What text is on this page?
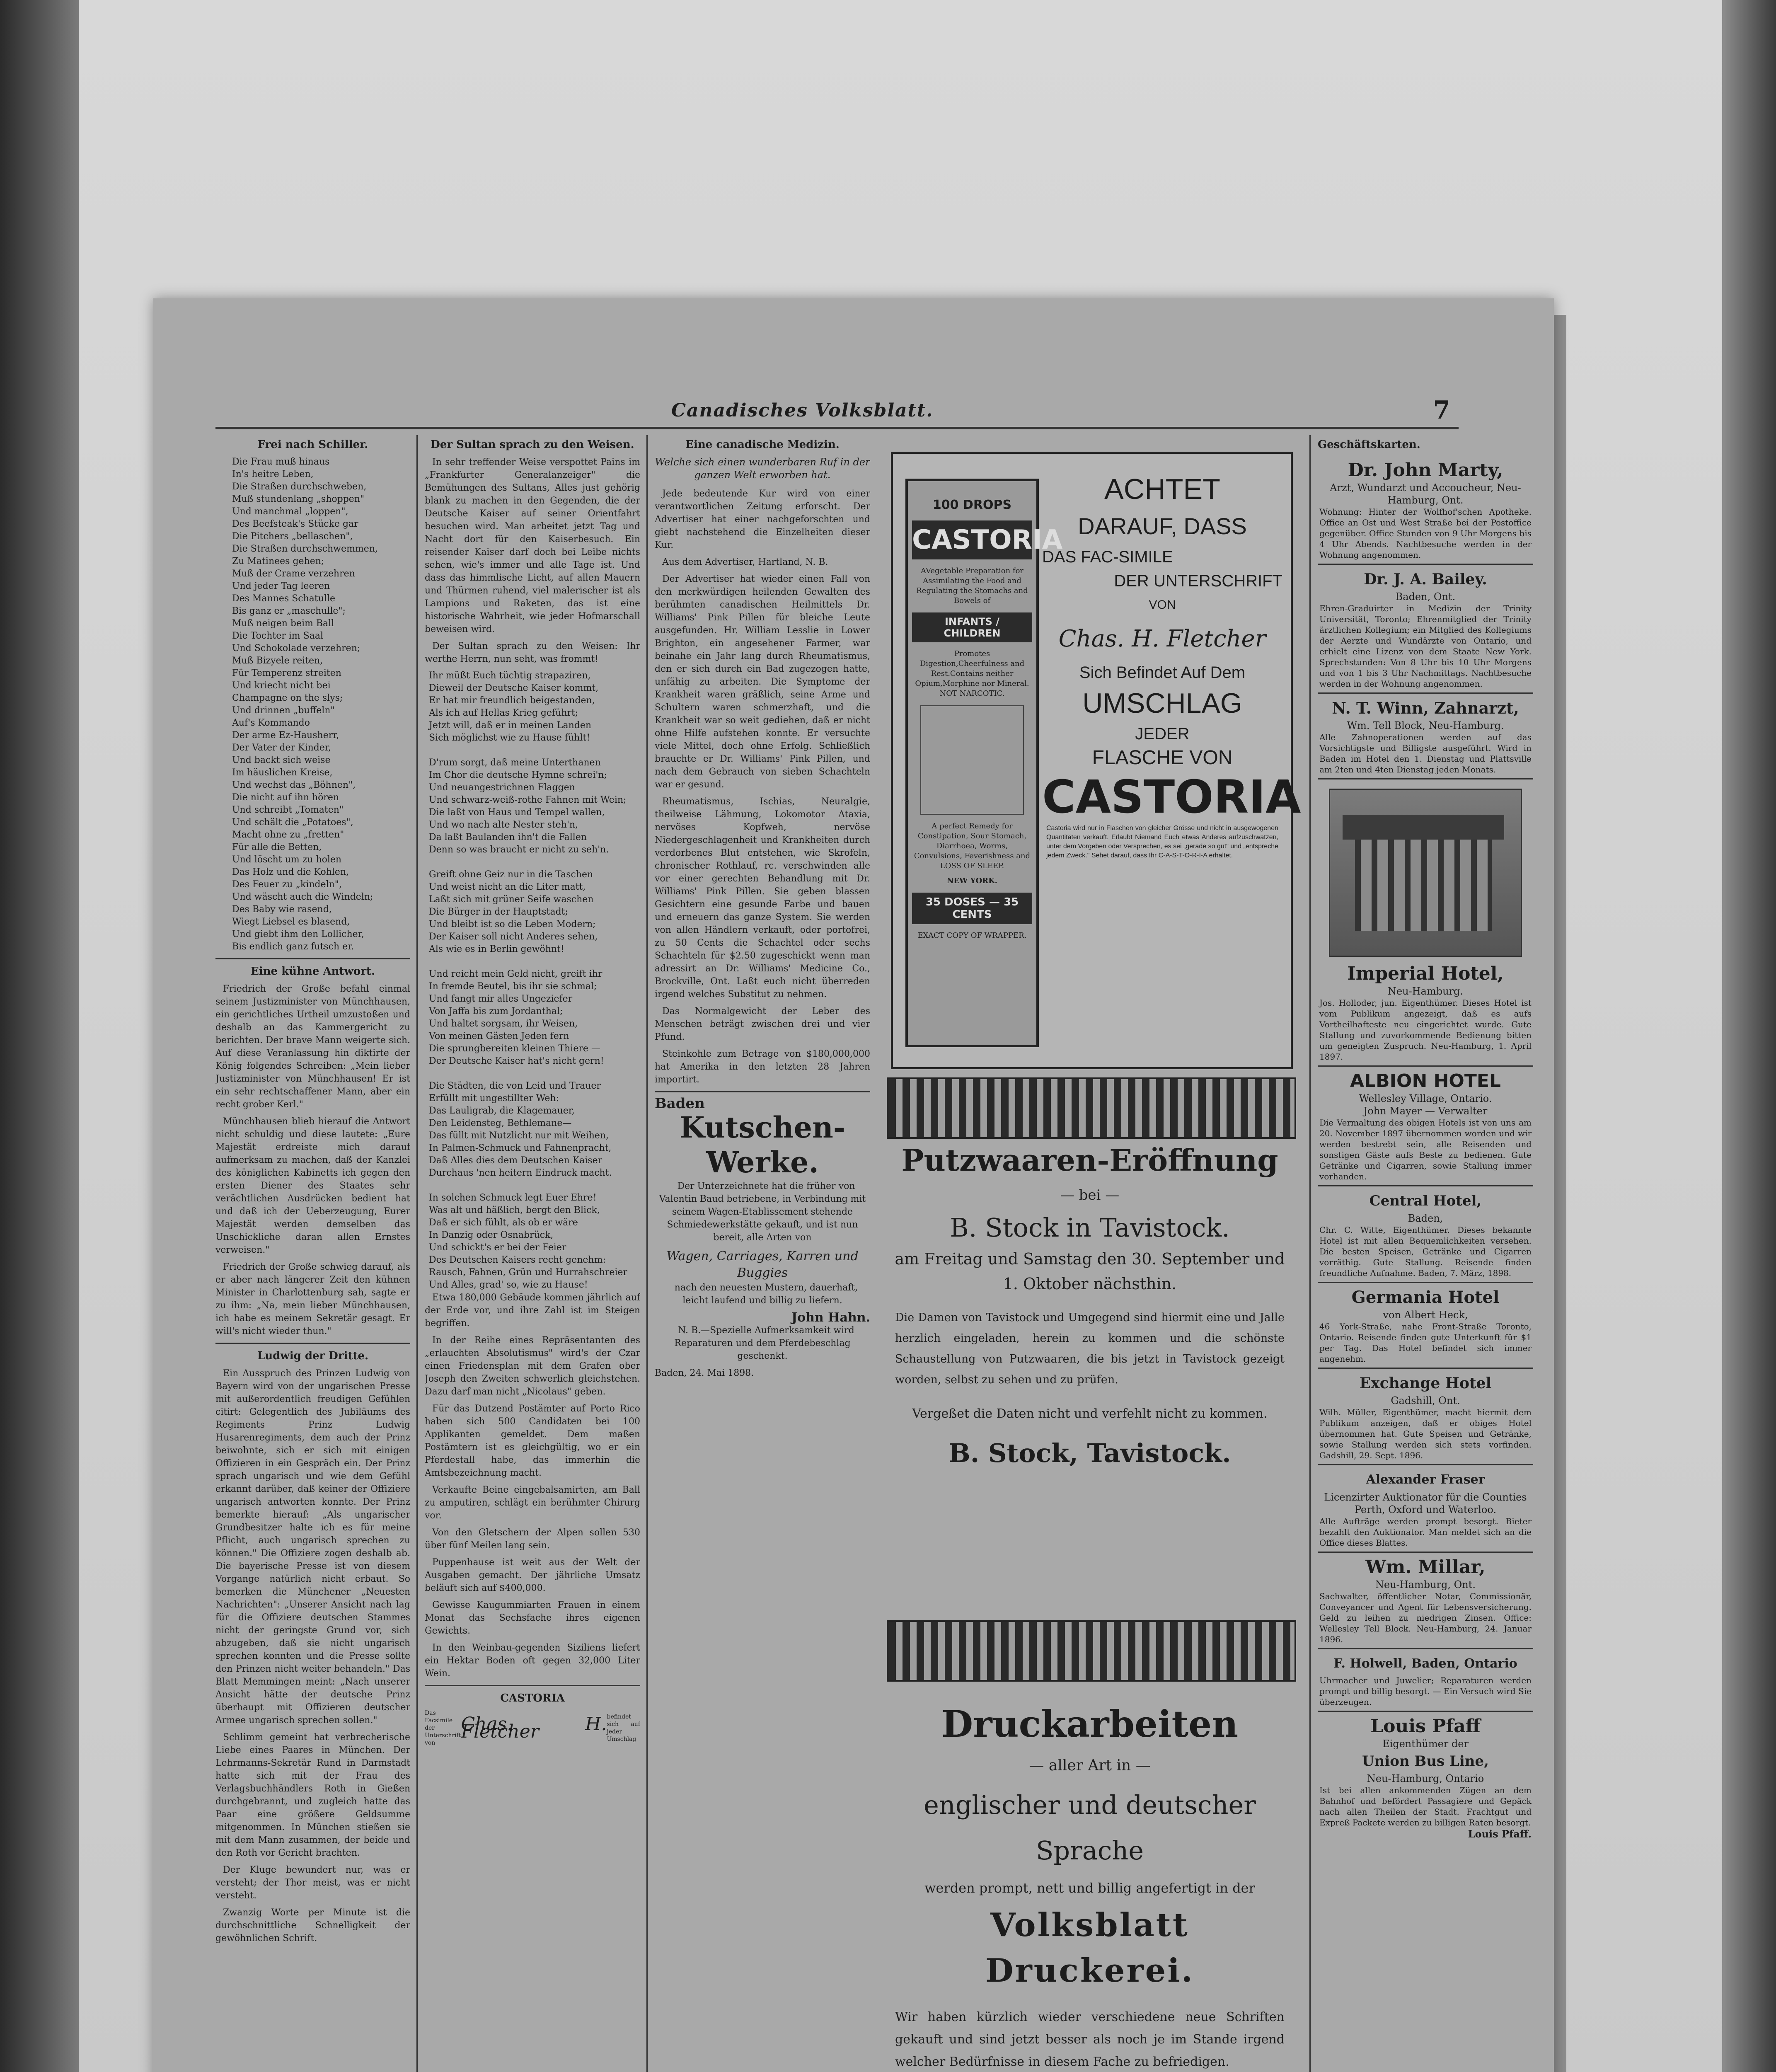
Canadisches Volksblatt.	7
Frei nach Schiller.
Die Frau muß hinaus
In's heitre Leben,
Die Straßen durchschweben,
Muß stundenlang „shoppen"
Und manchmal „loppen",
Des Beefsteak's Stücke gar
Die Pitchers „bellaschen",
Die Straßen durchschwemmen,
Zu Matinees gehen;
Muß der Crame verzehren
Und jeder Tag leeren
Des Mannes Schatulle
Bis ganz er „maschulle";
Muß neigen beim Ball
Die Tochter im Saal
Und Schokolade verzehren;
Muß Bizyele reiten,
Für Temperenz streiten
Und kriecht nicht bei
Champagne on the slys;
Und drinnen „buffeln"
Auf's Kommando
Der arme Ez-Hausherr,
Der Vater der Kinder,
Und backt sich weise
Im häuslichen Kreise,
Und wechst das „Böhnen",
Die nicht auf ihn hören
Und schreibt „Tomaten"
Und schält die „Potatoes",
Macht ohne zu „fretten"
Für alle die Betten,
Und löscht um zu holen
Das Holz und die Kohlen,
Des Feuer zu „kindeln",
Und wäscht auch die Windeln;
Des Baby wie rasend,
Wiegt Liebsel es blasend,
Und giebt ihm den Lollicher,
Bis endlich ganz futsch er.
Eine kühne Antwort.

Friedrich der Große befahl einmal seinem Justizminister von Münchhausen, ein gerichtliches Urtheil umzustoßen und deshalb an das Kammergericht zu berichten. Der brave Mann weigerte sich. Auf diese Veranlassung hin diktirte der König folgendes Schreiben: „Mein lieber Justizminister von Münchhausen! Er ist ein sehr rechtschaffener Mann, aber ein recht grober Kerl."

Münchhausen blieb hierauf die Antwort nicht schuldig und diese lautete: „Eure Majestät erdreiste mich darauf aufmerksam zu machen, daß der Kanzlei des königlichen Kabinetts ich gegen den ersten Diener des Staates sehr verächtlichen Ausdrücken bedient hat und daß ich der Ueberzeugung, Eurer Majestät werden demselben das Unschickliche daran allen Ernstes verweisen."

Friedrich der Große schwieg darauf, als er aber nach längerer Zeit den kühnen Minister in Charlottenburg sah, sagte er zu ihm: „Na, mein lieber Münchhausen, ich habe es meinem Sekretär gesagt. Er will's nicht wieder thun."

Ludwig der Dritte.

Ein Ausspruch des Prinzen Ludwig von Bayern wird von der ungarischen Presse mit außerordentlich freudigen Gefühlen citirt: Gelegentlich des Jubiläums des Regiments Prinz Ludwig Husarenregiments, dem auch der Prinz beiwohnte, sich er sich mit einigen Offizieren in ein Gespräch ein. Der Prinz sprach ungarisch und wie dem Gefühl erkannt darüber, daß keiner der Offiziere ungarisch antworten konnte. Der Prinz bemerkte hierauf: „Als ungarischer Grundbesitzer halte ich es für meine Pflicht, auch ungarisch sprechen zu können." Die Offiziere zogen deshalb ab. Die bayerische Presse ist von diesem Vorgange natürlich nicht erbaut. So bemerken die Münchener „Neuesten Nachrichten": „Unserer Ansicht nach lag für die Offiziere deutschen Stammes nicht der geringste Grund vor, sich abzugeben, daß sie nicht ungarisch sprechen konnten und die Presse sollte den Prinzen nicht weiter behandeln." Das Blatt Memmingen meint: „Nach unserer Ansicht hätte der deutsche Prinz überhaupt mit Offizieren deutscher Armee ungarisch sprechen sollen."

Schlimm gemeint hat verbrecherische Liebe eines Paares in München. Der Lehrmanns-Sekretär Rund in Darmstadt hatte sich mit der Frau des Verlagsbuchhändlers Roth in Gießen durchgebrannt, und zugleich hatte das Paar eine größere Geldsumme mitgenommen. In München stießen sie mit dem Mann zusammen, der beide und den Roth vor Gericht brachten.

Der Kluge bewundert nur, was er versteht; der Thor meist, was er nicht versteht.

Zwanzig Worte per Minute ist die durchschnittliche Schnelligkeit der gewöhnlichen Schrift.

Der Sultan sprach zu den Weisen.

In sehr treffender Weise verspottet Pains im „Frankfurter Generalanzeiger" die Bemühungen des Sultans, Alles just gehörig blank zu machen in den Gegenden, die der Deutsche Kaiser auf seiner Orientfahrt besuchen wird. Man arbeitet jetzt Tag und Nacht dort für den Kaiserbesuch. Ein reisender Kaiser darf doch bei Leibe nichts sehen, wie's immer und alle Tage ist. Und dass das himmlische Licht, auf allen Mauern und Thürmen ruhend, viel malerischer ist als Lampions und Raketen, das ist eine historische Wahrheit, wie jeder Hofmarschall beweisen wird.

Der Sultan sprach zu den Weisen: Ihr werthe Herrn, nun seht, was frommt!

Ihr müßt Euch tüchtig strapaziren,
Dieweil der Deutsche Kaiser kommt,
Er hat mir freundlich beigestanden,
Als ich auf Hellas Krieg geführt;
Jetzt will, daß er in meinen Landen
Sich möglichst wie zu Hause fühlt!

D'rum sorgt, daß meine Unterthanen
Im Chor die deutsche Hymne schrei'n;
Und neuangestrichnen Flaggen
Und schwarz-weiß-rothe Fahnen mit Wein;
Die laßt von Haus und Tempel wallen,
Und wo nach alte Nester steh'n,
Da laßt Baulanden ihn't die Fallen
Denn so was braucht er nicht zu seh'n.

Greift ohne Geiz nur in die Taschen
Und weist nicht an die Liter matt,
Laßt sich mit grüner Seife waschen
Die Bürger in der Hauptstadt;
Und bleibt ist so die Leben Modern;
Der Kaiser soll nicht Anderes sehen,
Als wie es in Berlin gewöhnt!

Und reicht mein Geld nicht, greift ihr
In fremde Beutel, bis ihr sie schmal;
Und fangt mir alles Ungeziefer
Von Jaffa bis zum Jordanthal;
Und haltet sorgsam, ihr Weisen,
Von meinen Gästen Jeden fern
Die sprungbereiten kleinen Thiere —
Der Deutsche Kaiser hat's nicht gern!

Die Städten, die von Leid und Trauer
Erfüllt mit ungestillter Weh:
Das Lauligrab, die Klagemauer,
Den Leidensteg, Bethlemane—
Das füllt mit Nutzlicht nur mit Weihen,
In Palmen-Schmuck und Fahnenpracht,
Daß Alles dies dem Deutschen Kaiser
Durchaus 'nen heitern Eindruck macht.

In solchen Schmuck legt Euer Ehre!
Was alt und häßlich, bergt den Blick,
Daß er sich fühlt, als ob er wäre
In Danzig oder Osnabrück,
Und schickt's er bei der Feier
Des Deutschen Kaisers recht genehm:
Rausch, Fahnen, Grün und Hurrahschreier
Und Alles, grad' so, wie zu Hause!

Etwa 180,000 Gebäude kommen jährlich auf der Erde vor, und ihre Zahl ist im Steigen begriffen.

In der Reihe eines Repräsentanten des „erlauchten Absolutismus" wird's der Czar einen Friedensplan mit dem Grafen ober Joseph den Zweiten schwerlich gleichstehen. Dazu darf man nicht „Nicolaus" geben.

Für das Dutzend Postämter auf Porto Rico haben sich 500 Candidaten bei 100 Applikanten gemeldet. Dem maßen Postämtern ist es gleichgültig, wo er ein Pferdestall habe, das immerhin die Amtsbezeichnung macht.

Verkaufte Beine eingebalsamirten, am Ball zu amputiren, schlägt ein berühmter Chirurg vor.

Von den Gletschern der Alpen sollen 530 über fünf Meilen lang sein.

Puppenhause ist weit aus der Welt der Ausgaben gemacht. Der jährliche Umsatz beläuft sich auf $400,000.

Gewisse Kaugummiarten Frauen in einem Monat das Sechsfache ihres eigenen Gewichts.

In den Weinbau-gegenden Siziliens liefert ein Hektar Boden oft gegen 32,000 Liter Wein.

CASTORIA
Das Facsimile der Unterschrift von
Chas. H. Fletcher
befindet sich auf jeder Umschlag
Eine canadische Medizin.
Welche sich einen wunderbaren Ruf in der ganzen Welt erworben hat.

Jede bedeutende Kur wird von einer verantwortlichen Zeitung erforscht. Der Advertiser hat einer nachgeforschten und giebt nachstehend die Einzelheiten dieser Kur.

Aus dem Advertiser, Hartland, N. B.

Der Advertiser hat wieder einen Fall von den merkwürdigen heilenden Gewalten des berühmten canadischen Heilmittels Dr. Williams' Pink Pillen für bleiche Leute ausgefunden. Hr. William Lesslie in Lower Brighton, ein angesehener Farmer, war beinahe ein Jahr lang durch Rheumatismus, den er sich durch ein Bad zugezogen hatte, unfähig zu arbeiten. Die Symptome der Krankheit waren gräßlich, seine Arme und Schultern waren schmerzhaft, und die Krankheit war so weit gediehen, daß er nicht ohne Hilfe aufstehen konnte. Er versuchte viele Mittel, doch ohne Erfolg. Schließlich brauchte er Dr. Williams' Pink Pillen, und nach dem Gebrauch von sieben Schachteln war er gesund.

Rheumatismus, Ischias, Neuralgie, theilweise Lähmung, Lokomotor Ataxia, nervöses Kopfweh, nervöse Niedergeschlagenheit und Krankheiten durch verdorbenes Blut entstehen, wie Skrofeln, chronischer Rothlauf, rc. verschwinden alle vor einer gerechten Behandlung mit Dr. Williams' Pink Pillen. Sie geben blassen Gesichtern eine gesunde Farbe und bauen und erneuern das ganze System. Sie werden von allen Händlern verkauft, oder portofrei, zu 50 Cents die Schachtel oder sechs Schachteln für $2.50 zugeschickt wenn man adressirt an Dr. Williams' Medicine Co., Brockville, Ont. Laßt euch nicht überreden irgend welches Substitut zu nehmen.

Das Normalgewicht der Leber des Menschen beträgt zwischen drei und vier Pfund.

Steinkohle zum Betrage von $180,000,000 hat Amerika in den letzten 28 Jahren importirt.

Baden
Kutschen-Werke.

Der Unterzeichnete hat die früher von Valentin Baud betriebene, in Verbindung mit seinem Wagen-Etablissement stehende Schmiedewerkstätte gekauft, und ist nun bereit, alle Arten von

Wagen, Carriages, Karren und Buggies

nach den neuesten Mustern, dauerhaft, leicht laufend und billig zu liefern.

John Hahn.

N. B.—Spezielle Aufmerksamkeit wird Reparaturen und dem Pferdebeschlag geschenkt.

Baden, 24. Mai 1898.
100 DROPS
CASTORIA
AVegetable Preparation for Assimilating the Food and Regulating the Stomachs and Bowels of
INFANTS / CHILDREN
Promotes Digestion,Cheerfulness and Rest.Contains neither Opium,Morphine nor Mineral. NOT NARCOTIC.
A perfect Remedy for Constipation, Sour Stomach, Diarrhoea, Worms, Convulsions, Feverishness and LOSS OF SLEEP.
NEW YORK.
35 DOSES — 35 CENTS
EXACT COPY OF WRAPPER.
ACHTET
DARAUF, DASS
DAS FAC-SIMILE
DER UNTERSCHRIFT
VON
Chas. H. Fletcher
Sich Befindet Auf Dem
UMSCHLAG
JEDER
FLASCHE VON
CASTORIA
Castoria wird nur in Flaschen von gleicher Grösse und nicht in ausgewogenen Quantitäten verkauft. Erlaubt Niemand Euch etwas Anderes aufzuschwatzen, unter dem Vorgeben oder Versprechen, es sei „gerade so gut" und „entspreche jedem Zweck." Sehet darauf, dass Ihr C-A-S-T-O-R-I-A erhaltet.
Putzwaaren-Eröffnung
— bei —
B. Stock in Tavistock.
am Freitag und Samstag den 30. September und 1. Oktober nächsthin.

Die Damen von Tavistock und Umgegend sind hiermit eine und Jalle herzlich eingeladen, herein zu kommen und die schönste Schaustellung von Putzwaaren, die bis jetzt in Tavistock gezeigt worden, selbst zu sehen und zu prüfen.

Vergeßet die Daten nicht und verfehlt nicht zu kommen.
B. Stock, Tavistock.
Druckarbeiten
— aller Art in —
englischer und deutscher Sprache
werden prompt, nett und billig angefertigt in der
Volksblatt Druckerei.

Wir haben kürzlich wieder verschiedene neue Schriften gekauft und sind jetzt besser als noch je im Stande irgend welcher Bedürfnisse in diesem Fache zu befriedigen.

Geschäftskarten.
Dr. John Marty,
Arzt, Wundarzt und Accoucheur, Neu-Hamburg, Ont.
Wohnung: Hinter der Wolfhof'schen Apotheke. Office an Ost und West Straße bei der Postoffice gegenüber. Office Stunden von 9 Uhr Morgens bis 4 Uhr Abends. Nachtbesuche werden in der Wohnung angenommen.
Dr. J. A. Bailey.
Baden, Ont.
Ehren-Graduirter in Medizin der Trinity Universität, Toronto; Ehrenmitglied der Trinity ärztlichen Kollegium; ein Mitglied des Kollegiums der Aerzte und Wundärzte von Ontario, und erhielt eine Lizenz von dem Staate New York. Sprechstunden: Von 8 Uhr bis 10 Uhr Morgens und von 1 bis 3 Uhr Nachmittags. Nachtbesuche werden in der Wohnung angenommen.
N. T. Winn, Zahnarzt,
Wm. Tell Block, Neu-Hamburg.
Alle Zahnoperationen werden auf das Vorsichtigste und Billigste ausgeführt. Wird in Baden im Hotel den 1. Dienstag und Plattsville am 2ten und 4ten Dienstag jeden Monats.
Imperial Hotel,
Neu-Hamburg.
Jos. Holloder, jun. Eigenthümer. Dieses Hotel ist vom Publikum angezeigt, daß es aufs Vortheilhafteste neu eingerichtet wurde. Gute Stallung und zuvorkommende Bedienung bitten um geneigten Zuspruch. Neu-Hamburg, 1. April 1897.
ALBION HOTEL
Wellesley Village, Ontario.
John Mayer — Verwalter
Die Vermaltung des obigen Hotels ist von uns am 20. November 1897 übernommen worden und wir werden bestrebt sein, alle Reisenden und sonstigen Gäste aufs Beste zu bedienen. Gute Getränke und Cigarren, sowie Stallung immer vorhanden.
Central Hotel,
Baden,
Chr. C. Witte, Eigenthümer. Dieses bekannte Hotel ist mit allen Bequemlichkeiten versehen. Die besten Speisen, Getränke und Cigarren vorräthig. Gute Stallung. Reisende finden freundliche Aufnahme. Baden, 7. März, 1898.
Germania Hotel
von Albert Heck,
46 York-Straße, nahe Front-Straße Toronto, Ontario. Reisende finden gute Unterkunft für $1 per Tag. Das Hotel befindet sich immer angenehm.
Exchange Hotel
Gadshill, Ont.
Wilh. Müller, Eigenthümer, macht hiermit dem Publikum anzeigen, daß er obiges Hotel übernommen hat. Gute Speisen und Getränke, sowie Stallung werden sich stets vorfinden. Gadshill, 29. Sept. 1896.
Alexander Fraser
Licenzirter Auktionator für die Counties Perth, Oxford und Waterloo.
Alle Aufträge werden prompt besorgt. Bieter bezahlt den Auktionator. Man meldet sich an die Office dieses Blattes.
Wm. Millar,
Neu-Hamburg, Ont.
Sachwalter, öffentlicher Notar, Commissionär, Conveyancer und Agent für Lebensversicherung. Geld zu leihen zu niedrigen Zinsen. Office: Wellesley Tell Block. Neu-Hamburg, 24. Januar 1896.
F. Holwell, Baden, Ontario
Uhrmacher und Juwelier; Reparaturen werden prompt und billig besorgt. — Ein Versuch wird Sie überzeugen.
Louis Pfaff
Eigenthümer der
Union Bus Line,
Neu-Hamburg, Ontario
Ist bei allen ankommenden Zügen an dem Bahnhof und befördert Passagiere und Gepäck nach allen Theilen der Stadt. Frachtgut und Expreß Packete werden zu billigen Raten besorgt.
Louis Pfaff.
